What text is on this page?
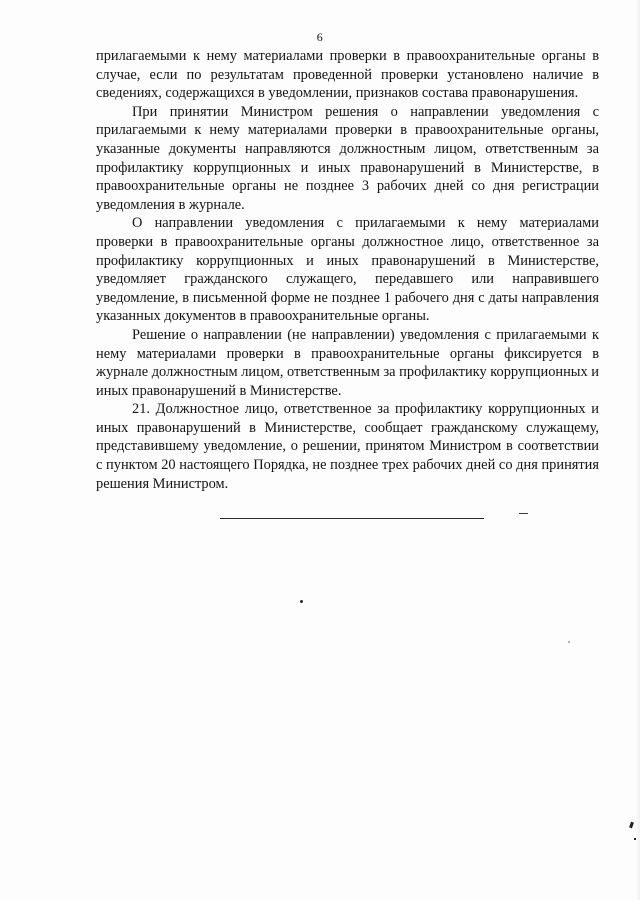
6

прилагаемыми к нему материалами проверки в правоохранительные органы в случае, если по результатам проведенной проверки установлено наличие в сведениях, содержащихся в уведомлении, признаков состава правонарушения.

При принятии Министром решения о направлении уведомления с прилагаемыми к нему материалами проверки в правоохранительные органы, указанные документы направляются должностным лицом, ответственным за профилактику коррупционных и иных правонарушений в Министерстве, в правоохранительные органы не позднее 3 рабочих дней со дня регистрации уведомления в журнале.

О направлении уведомления с прилагаемыми к нему материалами проверки в правоохранительные органы должностное лицо, ответственное за профилактику коррупционных и иных правонарушений в Министерстве, уведомляет гражданского служащего, передавшего или направившего уведомление, в письменной форме не позднее 1 рабочего дня с даты направления указанных документов в правоохранительные органы.

Решение о направлении (не направлении) уведомления с прилагаемыми к нему материалами проверки в правоохранительные органы фиксируется в журнале должностным лицом, ответственным за профилактику коррупционных и иных правонарушений в Министерстве.

21. Должностное лицо, ответственное за профилактику коррупционных и иных правонарушений в Министерстве, сообщает гражданскому служащему, представившему уведомление, о решении, принятом Министром в соответствии с пунктом 20 настоящего Порядка, не позднее трех рабочих дней со дня принятия решения Министром.
